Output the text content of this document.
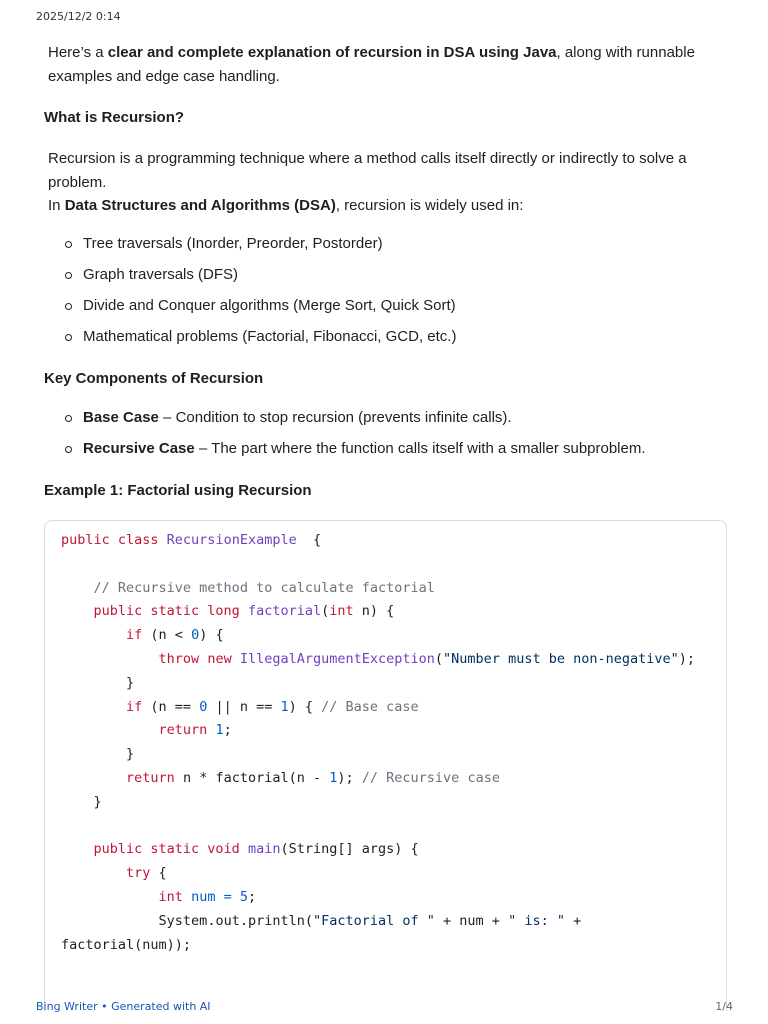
2025/12/2 0:14

Here’s a clear and complete explanation of recursion in DSA using Java, along with runnable examples and edge case handling.

What is Recursion?

Recursion is a programming technique where a method calls itself directly or indirectly to solve a problem.

In Data Structures and Algorithms (DSA), recursion is widely used in:

Tree traversals (Inorder, Preorder, Postorder)
Graph traversals (DFS)
Divide and Conquer algorithms (Merge Sort, Quick Sort)
Mathematical problems (Factorial, Fibonacci, GCD, etc.)
Key Components of Recursion
Base Case – Condition to stop recursion (prevents infinite calls).
Recursive Case – The part where the function calls itself with a smaller subproblem.
Example 1: Factorial using Recursion
public class RecursionExample  {

// Recursive method to calculate factorial
public static long factorial(int n) {
if (n < 0) {
throw new IllegalArgumentException("Number must be non-negative");
}
if (n == 0 || n == 1) { // Base case
return 1;
}
return n * factorial(n - 1); // Recursive case
}

public static void main(String[] args) {
try {
int num = 5;
System.out.println("Factorial of " + num + " is: " + factorial(num));

Bing Writer • Generated with AI	1/4
